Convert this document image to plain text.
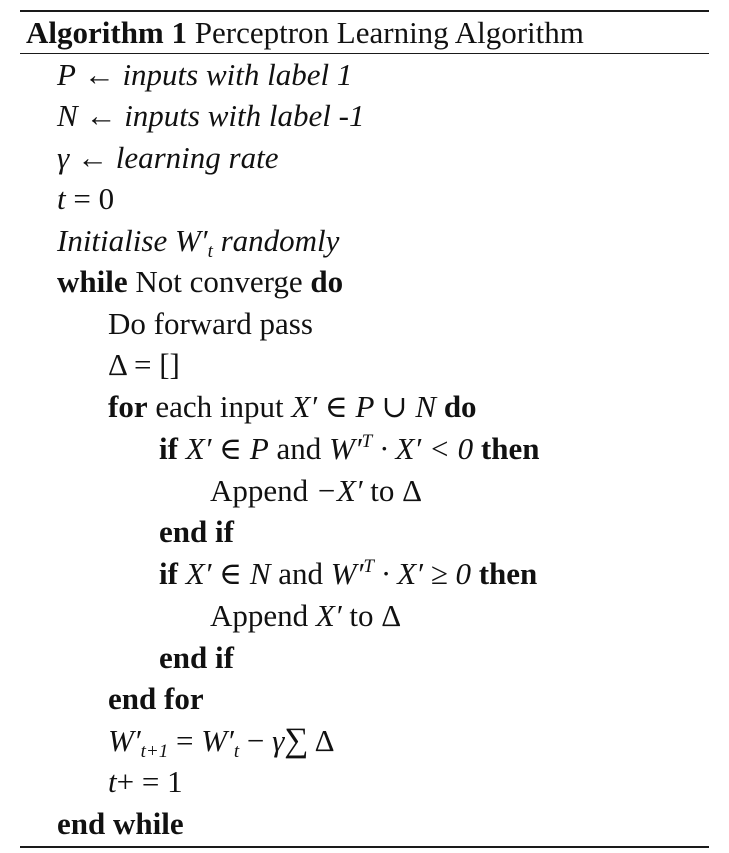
Algorithm 1 Perceptron Learning Algorithm
P ← inputs with label 1
N ← inputs with label -1
γ ← learning rate
t = 0
Initialise $W'_t$ randomly
while Not converge do
Do forward pass
Δ = []
for each input X′ ∈ P ∪ N do
if X′ ∈ P and $W'^T \cdot X' < 0$ then
Append −X′ to Δ
end if
if X′ ∈ N and $W'^T \cdot X' \ge 0$ then
Append X′ to Δ
end if
end for
$W'_{t+1} = W'_t - \gamma\sum$ Δ
t+ = 1
end while
